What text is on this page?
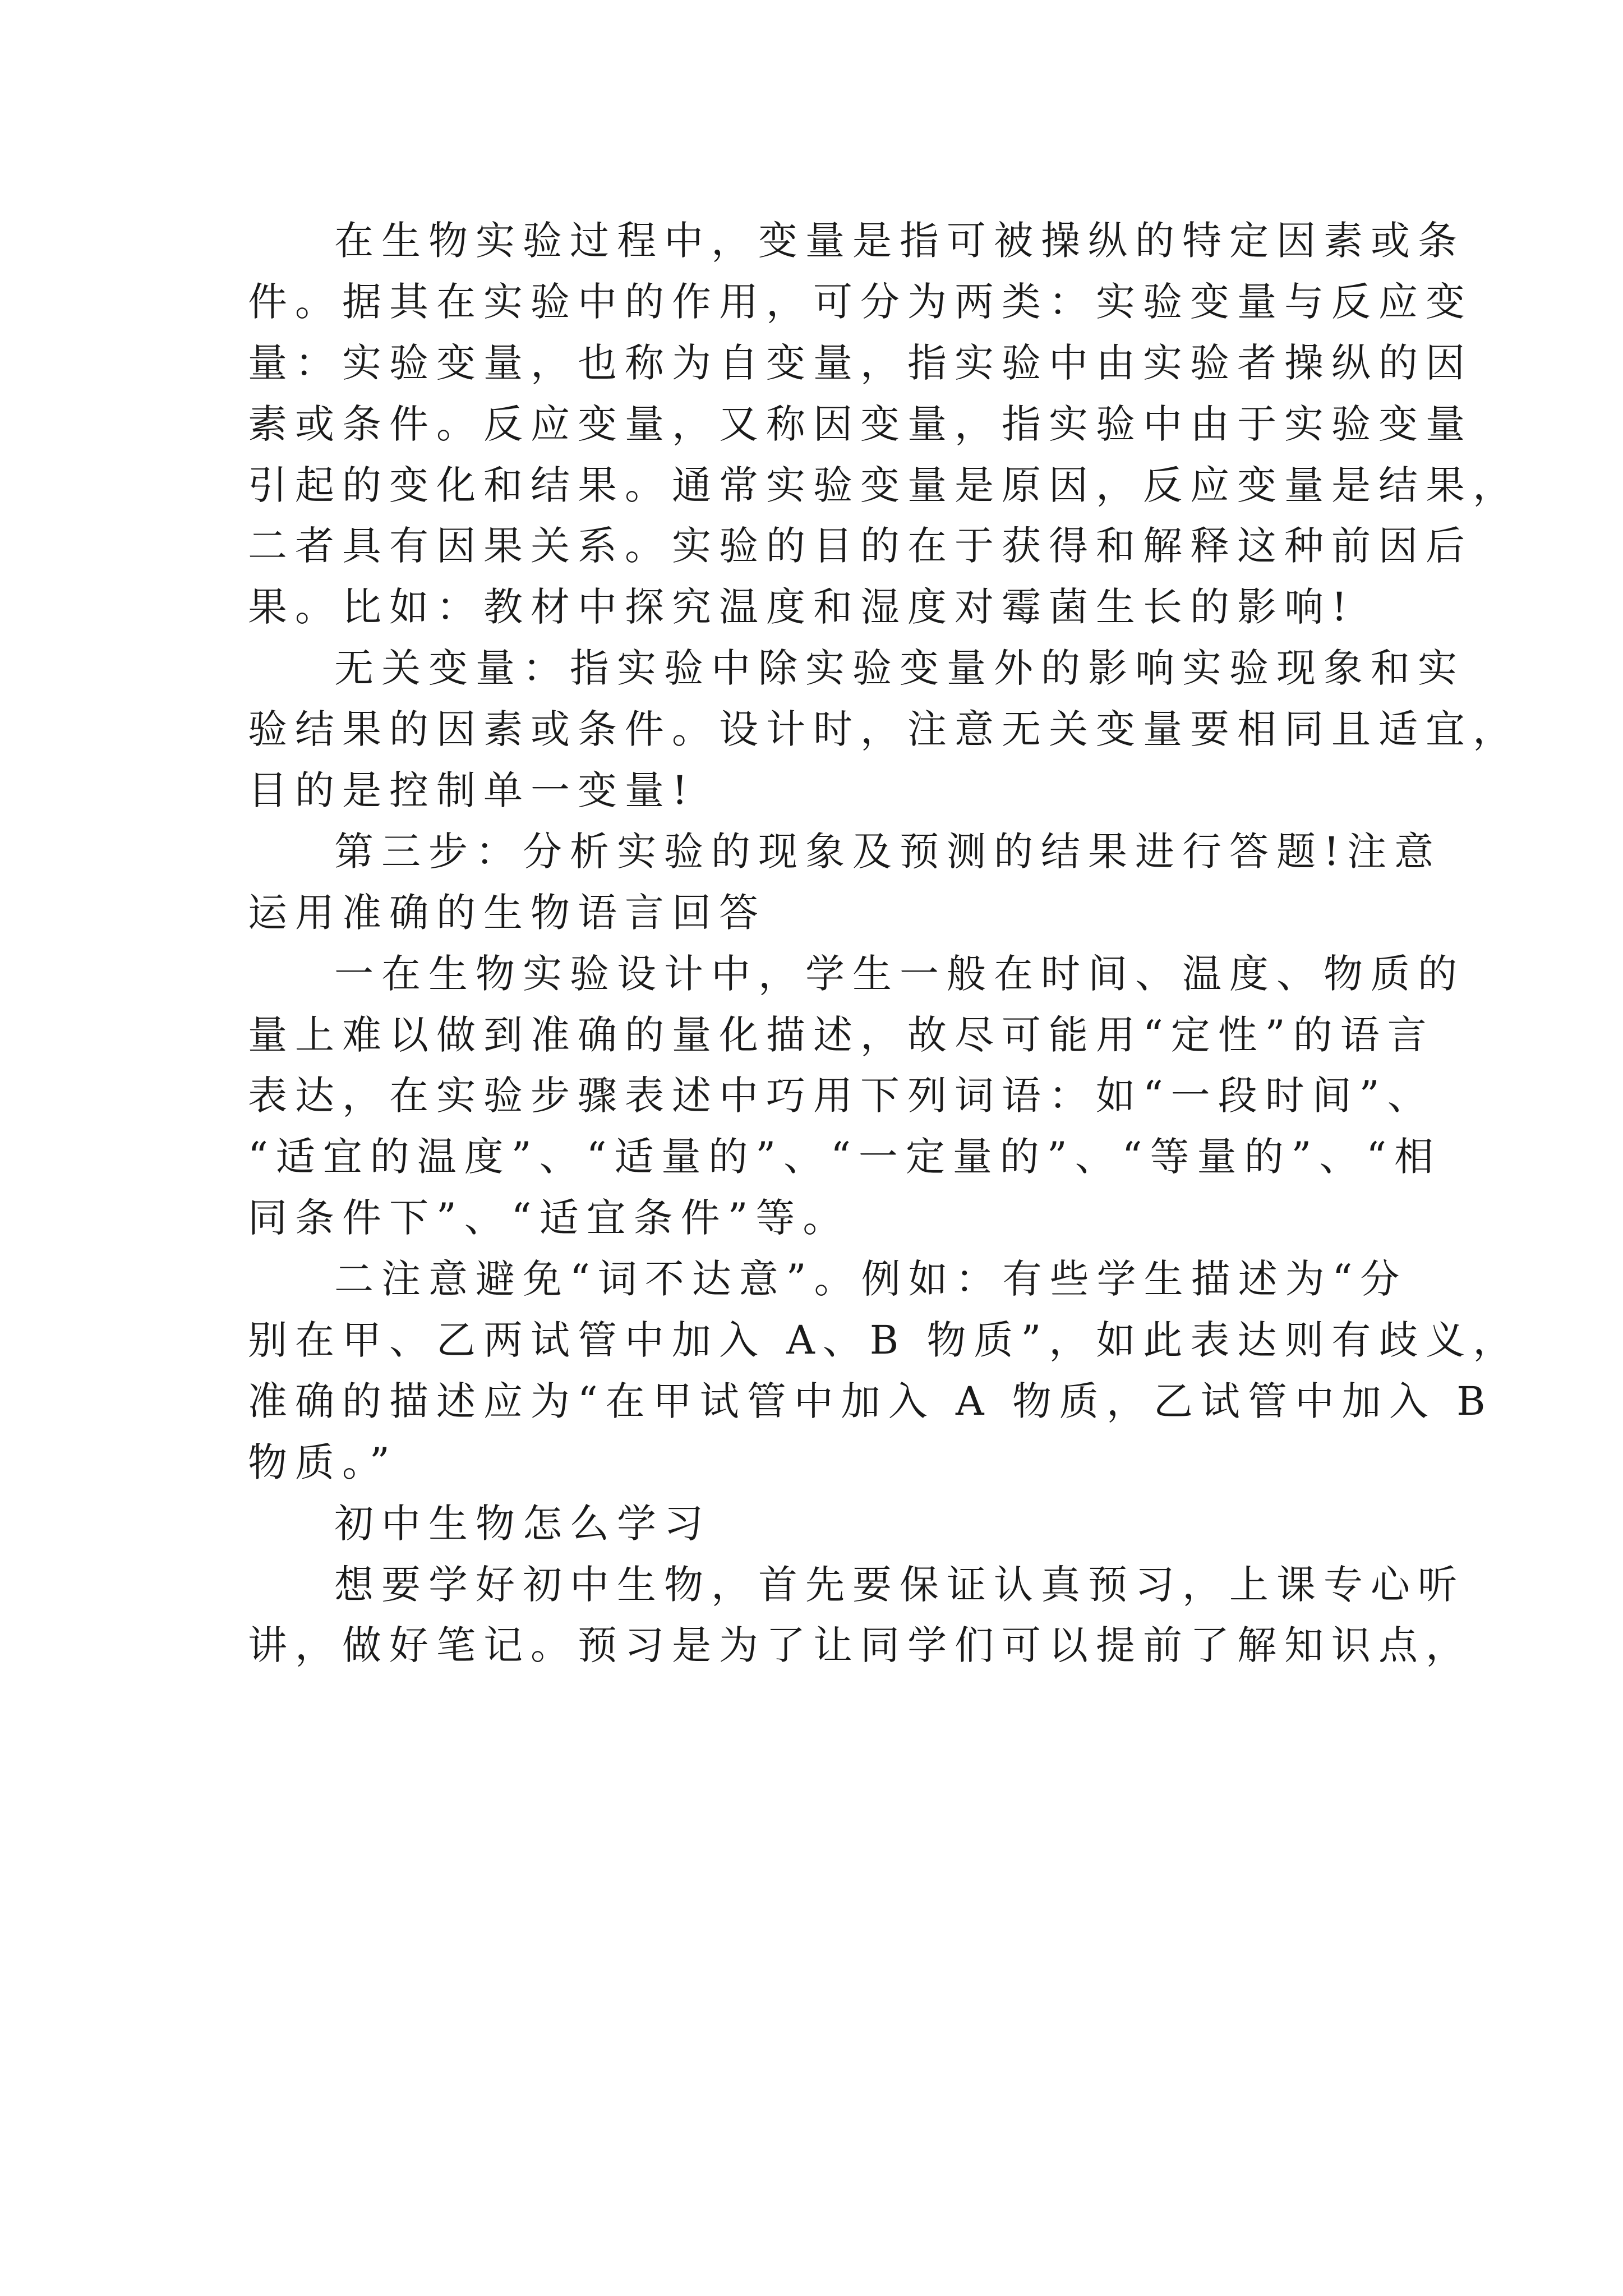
在生物实验过程中，变量是指可被操纵的特定因素或条
件。据其在实验中的作用，可分为两类：实验变量与反应变
量：实验变量，也称为自变量，指实验中由实验者操纵的因
素或条件。反应变量，又称因变量，指实验中由于实验变量
引起的变化和结果。通常实验变量是原因，反应变量是结果，
二者具有因果关系。实验的目的在于获得和解释这种前因后
果。比如：教材中探究温度和湿度对霉菌生长的影响!
无关变量：指实验中除实验变量外的影响实验现象和实
验结果的因素或条件。设计时，注意无关变量要相同且适宜，
目的是控制单一变量!
第三步：分析实验的现象及预测的结果进行答题!注意
运用准确的生物语言回答
一在生物实验设计中，学生一般在时间、温度、物质的
量上难以做到准确的量化描述，故尽可能用“定性”的语言
表达，在实验步骤表述中巧用下列词语：如“一段时间”、
“适宜的温度”、“适量的”、“一定量的”、“等量的”、“相
同条件下”、“适宜条件”等。
二注意避免“词不达意”。例如：有些学生描述为“分
别在甲、乙两试管中加入 A、B 物质”，如此表达则有歧义，
准确的描述应为“在甲试管中加入 A 物质，乙试管中加入 B
物质。”
初中生物怎么学习
想要学好初中生物，首先要保证认真预习，上课专心听
讲，做好笔记。预习是为了让同学们可以提前了解知识点，
